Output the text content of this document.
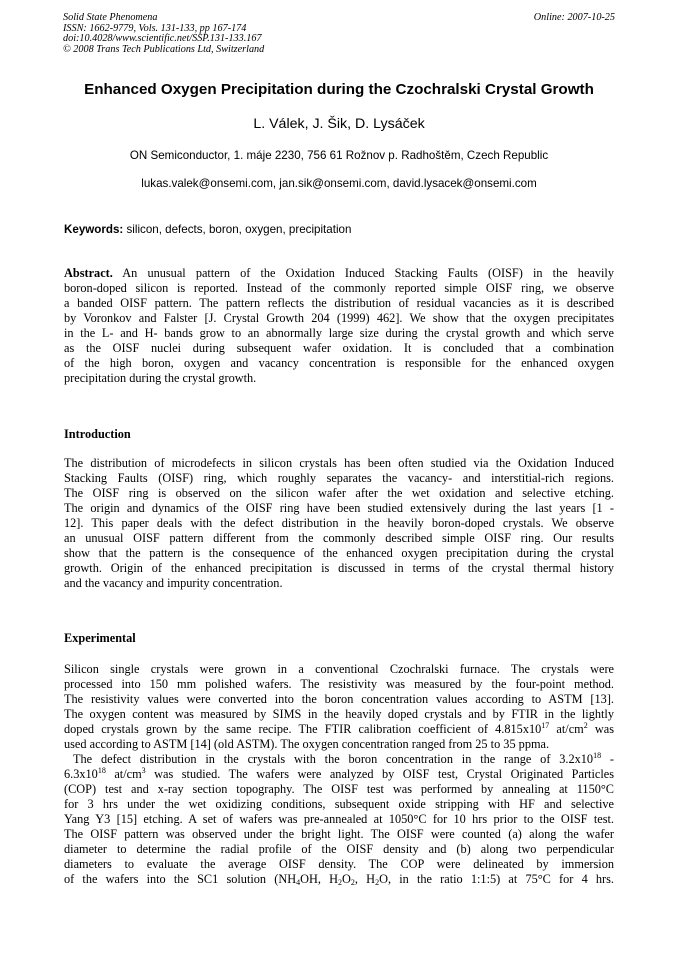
Solid State Phenomena
ISSN: 1662-9779, Vols. 131-133, pp 167-174
doi:10.4028/www.scientific.net/SSP.131-133.167
© 2008 Trans Tech Publications Ltd, Switzerland
Online: 2007-10-25
Enhanced Oxygen Precipitation during the Czochralski Crystal Growth
L. Válek, J. Šik, D. Lysáček
ON Semiconductor, 1. máje 2230, 756 61 Rožnov p. Radhoštěm, Czech Republic
lukas.valek@onsemi.com, jan.sik@onsemi.com, david.lysacek@onsemi.com
Keywords: silicon, defects, boron, oxygen, precipitation
Abstract. An unusual pattern of the Oxidation Induced Stacking Faults (OISF) in the heavily
boron-doped silicon is reported. Instead of the commonly reported simple OISF ring, we observe
a banded OISF pattern. The pattern reflects the distribution of residual vacancies as it is described
by Voronkov and Falster [J. Crystal Growth 204 (1999) 462]. We show that the oxygen precipitates
in the L- and H- bands grow to an abnormally large size during the crystal growth and which serve
as the OISF nuclei during subsequent wafer oxidation. It is concluded that a combination
of the high boron, oxygen and vacancy concentration is responsible for the enhanced oxygen
precipitation during the crystal growth.
Introduction
The distribution of microdefects in silicon crystals has been often studied via the Oxidation Induced
Stacking Faults (OISF) ring, which roughly separates the vacancy- and interstitial-rich regions.
The OISF ring is observed on the silicon wafer after the wet oxidation and selective etching.
The origin and dynamics of the OISF ring have been studied extensively during the last years [1 -
12]. This paper deals with the defect distribution in the heavily boron-doped crystals. We observe
an unusual OISF pattern different from the commonly described simple OISF ring. Our results
show that the pattern is the consequence of the enhanced oxygen precipitation during the crystal
growth. Origin of the enhanced precipitation is discussed in terms of the crystal thermal history
and the vacancy and impurity concentration.
Experimental
Silicon single crystals were grown in a conventional Czochralski furnace. The crystals were
processed into 150 mm polished wafers. The resistivity was measured by the four-point method.
The resistivity values were converted into the boron concentration values according to ASTM [13].
The oxygen content was measured by SIMS in the heavily doped crystals and by FTIR in the lightly
doped crystals grown by the same recipe. The FTIR calibration coefficient of $4.815x10^{17}$ $at/cm^2$ was
used according to ASTM [14] (old ASTM). The oxygen concentration ranged from 25 to 35 ppma.
The defect distribution in the crystals with the boron concentration in the range of $3.2x10^{18}$ -
$6.3x10^{18}$ $at/cm^3$ was studied. The wafers were analyzed by OISF test, Crystal Originated Particles
(COP) test and x-ray section topography. The OISF test was performed by annealing at 1150°C
for 3 hrs under the wet oxidizing conditions, subsequent oxide stripping with HF and selective
Yang Y3 [15] etching. A set of wafers was pre-annealed at 1050°C for 10 hrs prior to the OISF test.
The OISF pattern was observed under the bright light. The OISF were counted (a) along the wafer
diameter to determine the radial profile of the OISF density and (b) along two perpendicular
diameters to evaluate the average OISF density. The COP were delineated by immersion
of the wafers into the SC1 solution ($NH_4OH$, $H_2O_2$, $H_2O$, in the ratio 1:1:5) at 75°C for 4 hrs.
